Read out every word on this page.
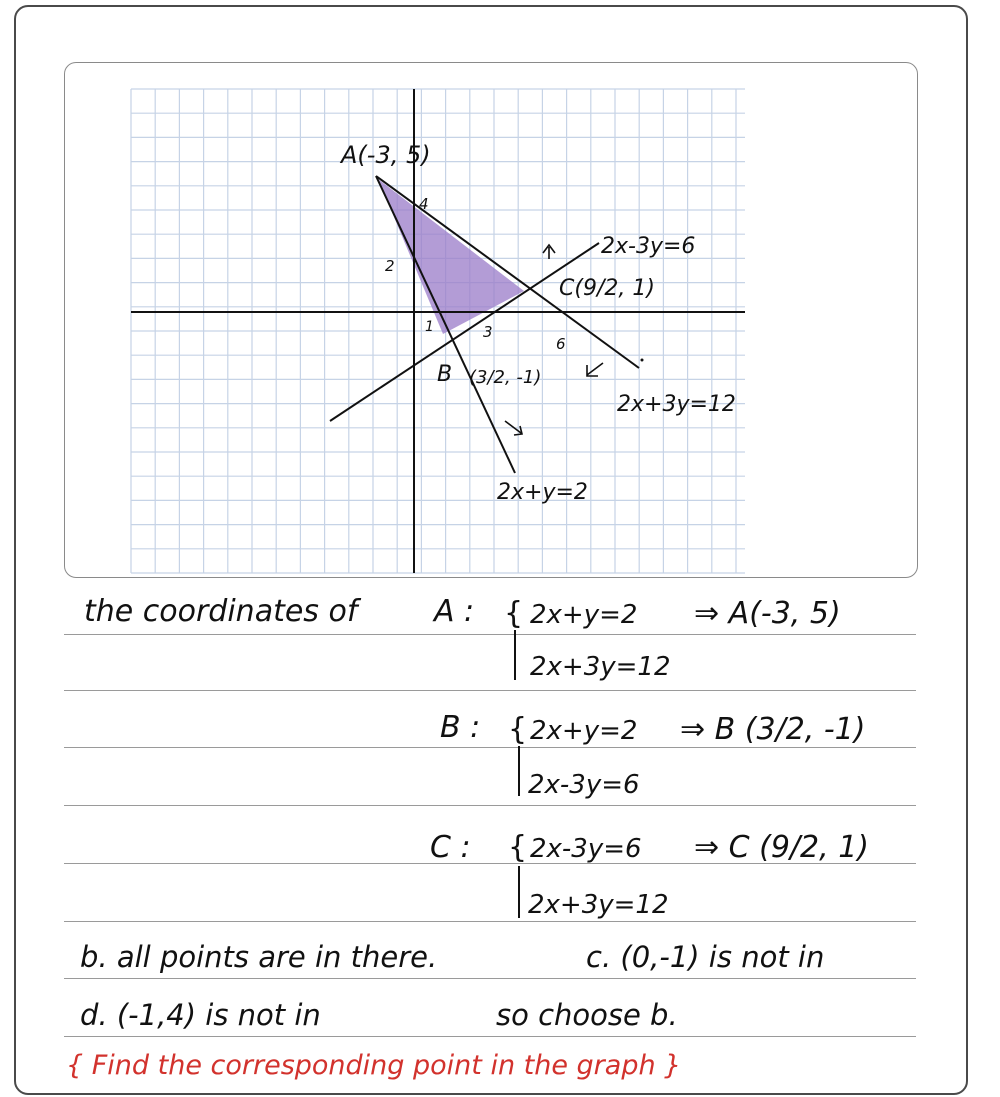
A(-3, 5)
4
2
1	3
6
B (3/2, -1)
2x-3y=6
C(9/2, 1)
2x+3y=12
2x+y=2
the coordinates of	A : { 2x+y=2
2x+3y=12
⇒ A(-3, 5)
B : { 2x+y=2
2x-3y=6
⇒ B (3/2, -1)
C : { 2x-3y=6
2x+3y=12
⇒ C (9/2, 1)
b. all points are in there.	c. (0,-1) is not in
d. (-1,4) is not in	so choose b.
{ Find the corresponding point in the graph }
